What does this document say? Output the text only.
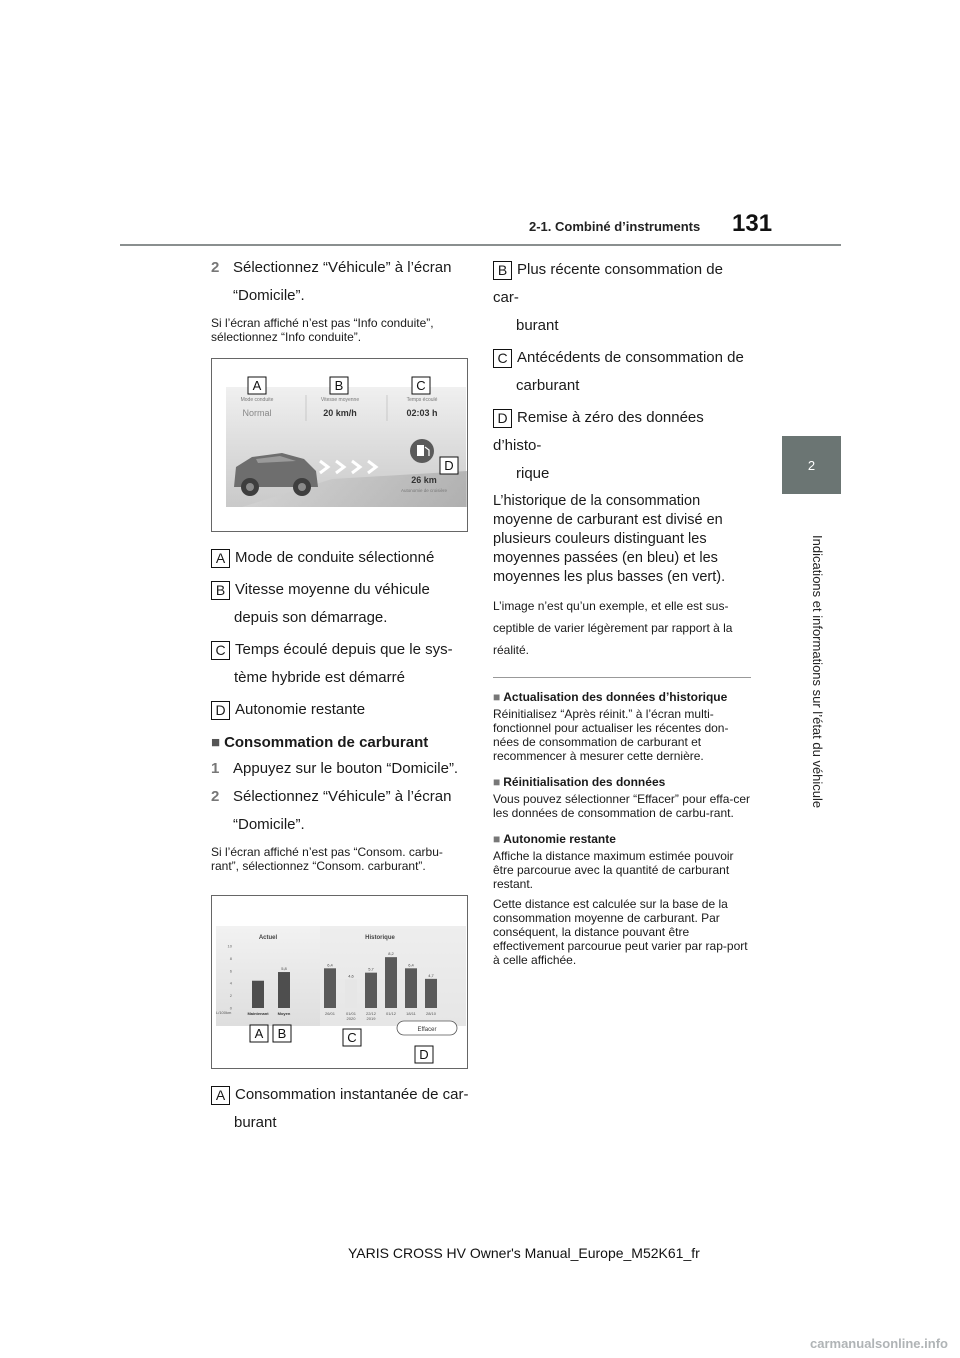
2-1. Combiné d’instruments 131
2
Indications et informations sur l’état du véhicule
2 Sélectionnez “Véhicule” à l’écran “Domicile”.
Si l’écran affiché n’est pas “Info conduite”, sélectionnez “Info conduite”.
Mode conduite
Normal
Vitesse moyenne
20 km/h
Temps écoulé
02:03 h
26 km
Autonomie de croisière
A	B	C
D
A Mode de conduite sélectionné
B Vitesse moyenne du véhicule
depuis son démarrage.
C Temps écoulé depuis que le sys-
tème hybride est démarré
D Autonomie restante
■ Consommation de carburant
1 Appuyez sur le bouton “Domicile”.
2 Sélectionnez “Véhicule” à l’écran “Domicile”.
Si l’écran affiché n’est pas “Consom. carbu-rant”, sélectionnez “Consom. carburant”.
Actuel	Historique
L/100km
10
8
6
4
2
0
Maintenant
5,8
Moyen
6,4
26/01
4,6
01/01
2020
5,7
22/12
2019
8,2
01/12
6,4
18/11
4,7
28/10
Effacer
A B	C
D
A Consommation instantanée de car-
burant
B Plus récente consommation de car-
burant
C Antécédents de consommation de
carburant
D Remise à zéro des données d’histo-
rique
L’historique de la consommation moyenne de carburant est divisé en plusieurs couleurs distinguant les moyennes passées (en bleu) et les moyennes les plus basses (en vert).
L’image n’est qu’un exemple, et elle est sus-ceptible de varier légèrement par rapport à la réalité.
■ Actualisation des données d’historique
Réinitialisez “Après réinit.” à l’écran multi-fonctionnel pour actualiser les récentes don-nées de consommation de carburant et recommencer à mesurer cette dernière.
■ Réinitialisation des données
Vous pouvez sélectionner “Effacer” pour effa-cer les données de consommation de carbu-rant.
■ Autonomie restante
Affiche la distance maximum estimée pouvoir être parcourue avec la quantité de carburant restant.
Cette distance est calculée sur la base de la consommation moyenne de carburant. Par conséquent, la distance pouvant être effectivement parcourue peut varier par rap-port à celle affichée.
YARIS CROSS HV Owner's Manual_Europe_M52K61_fr
carmanualsonline.info
